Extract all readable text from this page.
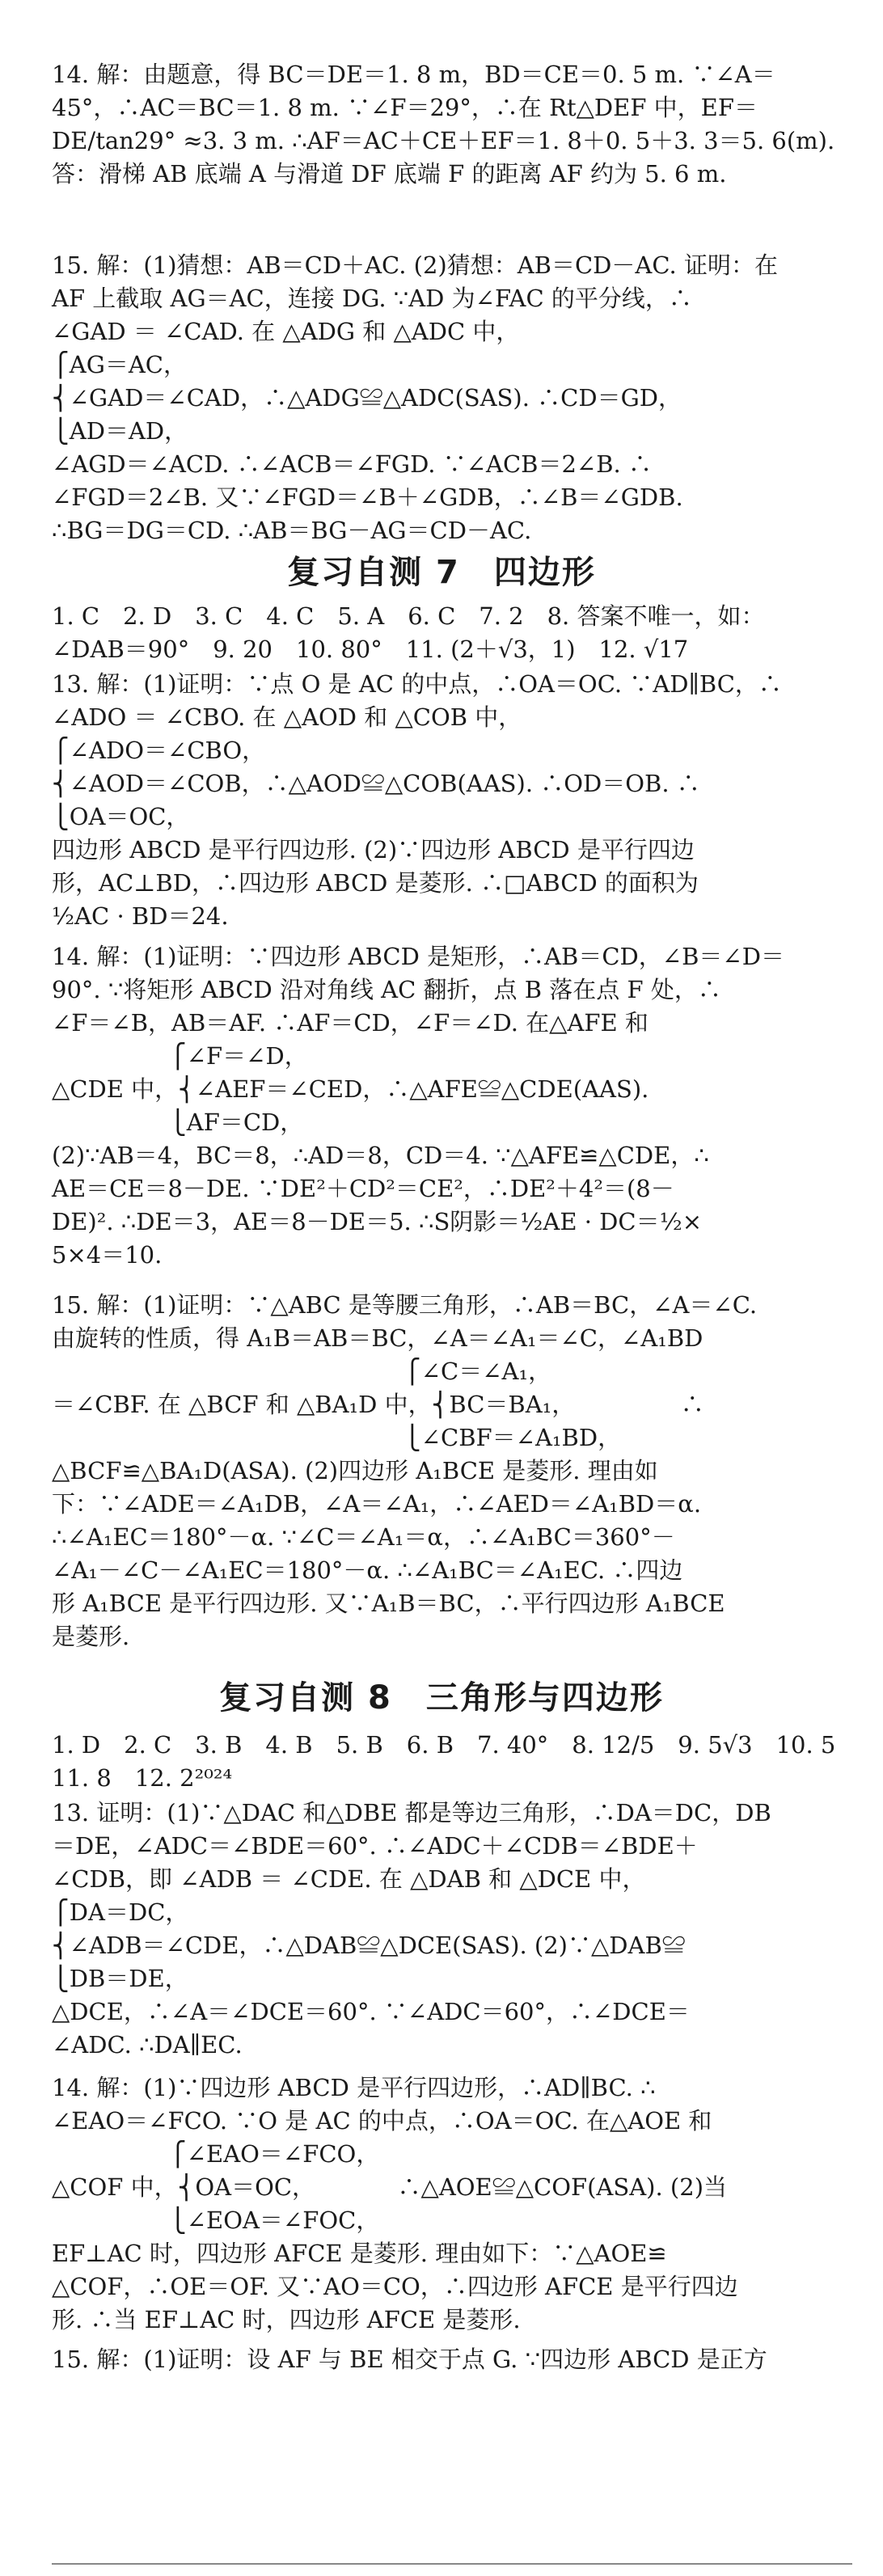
14. 解：由题意，得 BC＝DE＝1. 8 m，BD＝CE＝0. 5 m. ∵∠A＝
45°，∴AC＝BC＝1. 8 m. ∵∠F＝29°，∴在 Rt△DEF 中，EF＝
DE/tan29° ≈3. 3 m. ∴AF＝AC＋CE＋EF＝1. 8＋0. 5＋3. 3＝5. 6(m).
答：滑梯 AB 底端 A 与滑道 DF 底端 F 的距离 AF 约为 5. 6 m.
15. 解：(1)猜想：AB＝CD＋AC. (2)猜想：AB＝CD－AC. 证明：在
AF 上截取 AG＝AC，连接 DG. ∵AD 为∠FAC 的平分线，∴
∠GAD ＝ ∠CAD. 在 △ADG 和 △ADC 中，
⎧AG＝AC，
⎨∠GAD＝∠CAD，∴△ADG≌△ADC(SAS). ∴CD＝GD，
⎩AD＝AD，
∠AGD＝∠ACD. ∴∠ACB＝∠FGD. ∵∠ACB＝2∠B. ∴
∠FGD＝2∠B. 又∵∠FGD＝∠B＋∠GDB，∴∠B＝∠GDB.
∴BG＝DG＝CD. ∴AB＝BG－AG＝CD－AC.
复习自测 7　四边形
1. C　2. D　3. C　4. C　5. A　6. C　7. 2　8. 答案不唯一，如：
∠DAB＝90°　9. 20　10. 80°　11. (2＋√3，1)　12. √17
13. 解：(1)证明：∵点 O 是 AC 的中点，∴OA＝OC. ∵AD∥BC，∴
∠ADO ＝ ∠CBO. 在 △AOD 和 △COB 中，
⎧∠ADO＝∠CBO，
⎨∠AOD＝∠COB，∴△AOD≌△COB(AAS). ∴OD＝OB. ∴
⎩OA＝OC，
四边形 ABCD 是平行四边形. (2)∵四边形 ABCD 是平行四边
形，AC⊥BD，∴四边形 ABCD 是菱形. ∴□ABCD 的面积为
½AC · BD＝24.
14. 解：(1)证明：∵四边形 ABCD 是矩形，∴AB＝CD，∠B＝∠D＝
90°. ∵将矩形 ABCD 沿对角线 AC 翻折，点 B 落在点 F 处，∴
∠F＝∠B，AB＝AF. ∴AF＝CD，∠F＝∠D. 在△AFE 和
　　　　　⎧∠F＝∠D，
△CDE 中，⎨∠AEF＝∠CED，∴△AFE≌△CDE(AAS).
　　　　　⎩AF＝CD，
(2)∵AB＝4，BC＝8，∴AD＝8，CD＝4. ∵△AFE≌△CDE，∴
AE＝CE＝8－DE. ∵DE²＋CD²＝CE²，∴DE²＋4²＝(8－
DE)². ∴DE＝3，AE＝8－DE＝5. ∴S阴影＝½AE · DC＝½×
5×4＝10.
15. 解：(1)证明：∵△ABC 是等腰三角形，∴AB＝BC，∠A＝∠C.
由旋转的性质，得 A₁B＝AB＝BC，∠A＝∠A₁＝∠C，∠A₁BD
　　　　　　　　　　　　　　　⎧∠C＝∠A₁，
＝∠CBF. 在 △BCF 和 △BA₁D 中，⎨BC＝BA₁，　　　　　∴
　　　　　　　　　　　　　　　⎩∠CBF＝∠A₁BD，
△BCF≌△BA₁D(ASA). (2)四边形 A₁BCE 是菱形. 理由如
下：∵∠ADE＝∠A₁DB，∠A＝∠A₁，∴∠AED＝∠A₁BD＝α.
∴∠A₁EC＝180°－α. ∵∠C＝∠A₁＝α，∴∠A₁BC＝360°－
∠A₁－∠C－∠A₁EC＝180°－α. ∴∠A₁BC＝∠A₁EC. ∴四边
形 A₁BCE 是平行四边形. 又∵A₁B＝BC，∴平行四边形 A₁BCE
是菱形.
复习自测 8　三角形与四边形
1. D　2. C　3. B　4. B　5. B　6. B　7. 40°　8. 12/5　9. 5√3　10. 5
11. 8　12. 2²⁰²⁴
13. 证明：(1)∵△DAC 和△DBE 都是等边三角形，∴DA＝DC，DB
＝DE，∠ADC＝∠BDE＝60°. ∴∠ADC＋∠CDB＝∠BDE＋
∠CDB，即 ∠ADB ＝ ∠CDE. 在 △DAB 和 △DCE 中，
⎧DA＝DC，
⎨∠ADB＝∠CDE，∴△DAB≌△DCE(SAS). (2)∵△DAB≌
⎩DB＝DE，
△DCE，∴∠A＝∠DCE＝60°. ∵∠ADC＝60°，∴∠DCE＝
∠ADC. ∴DA∥EC.
14. 解：(1)∵四边形 ABCD 是平行四边形，∴AD∥BC. ∴
∠EAO＝∠FCO. ∵O 是 AC 的中点，∴OA＝OC. 在△AOE 和
　　　　　⎧∠EAO＝∠FCO，
△COF 中，⎨OA＝OC，　　　　∴△AOE≌△COF(ASA). (2)当
　　　　　⎩∠EOA＝∠FOC，
EF⊥AC 时，四边形 AFCE 是菱形. 理由如下：∵△AOE≌
△COF，∴OE＝OF. 又∵AO＝CO，∴四边形 AFCE 是平行四边
形. ∴当 EF⊥AC 时，四边形 AFCE 是菱形.
15. 解：(1)证明：设 AF 与 BE 相交于点 G. ∵四边形 ABCD 是正方
